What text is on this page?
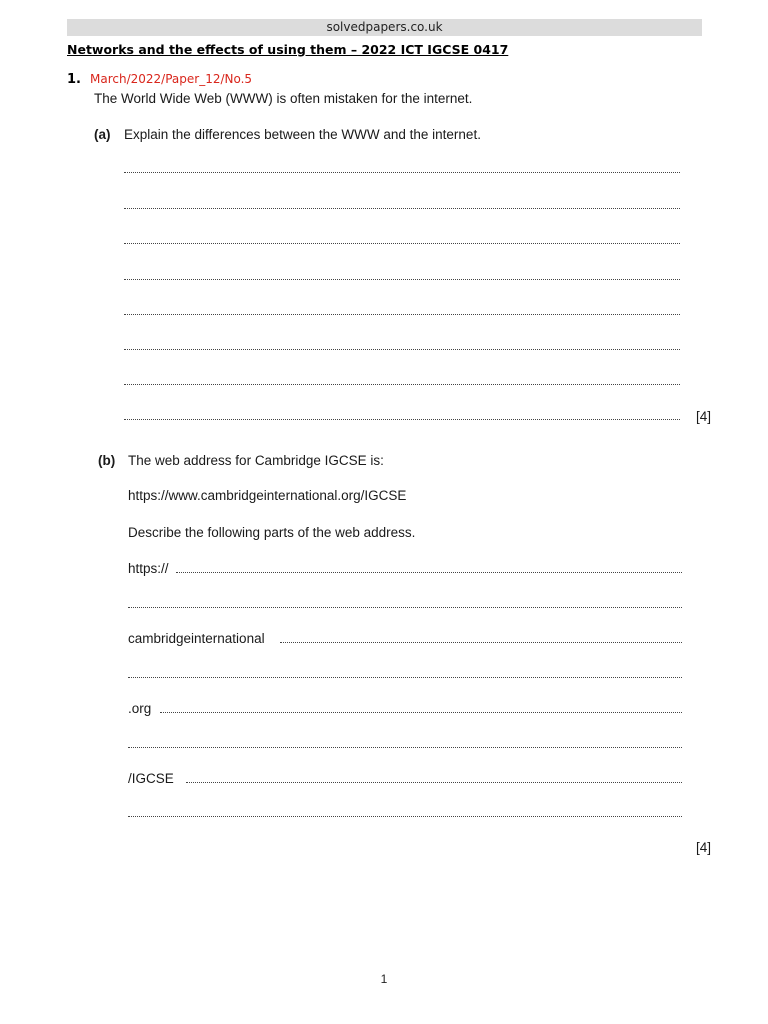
solvedpapers.co.uk
Networks and the effects of using them – 2022 ICT IGCSE 0417
1. March/2022/Paper_12/No.5
The World Wide Web (WWW) is often mistaken for the internet.
(a) Explain the differences between the WWW and the internet.
[4]
(b) The web address for Cambridge IGCSE is:
https://www.cambridgeinternational.org/IGCSE
Describe the following parts of the web address.
https://
cambridgeinternational
.org
/IGCSE
[4]
1
